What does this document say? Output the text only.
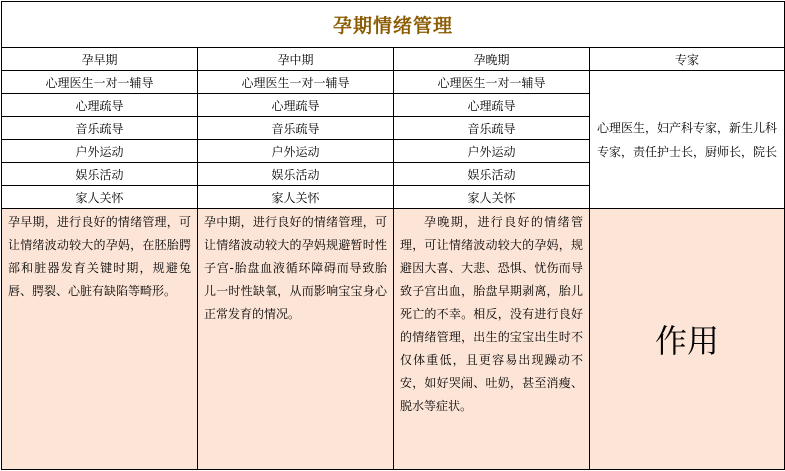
孕期情绪管理			
孕早期	孕中期	孕晚期	专家
心理医生一对一辅导	心理医生一对一辅导	心理医生一对一辅导	心理医生，妇产科专家，新生儿科专家，责任护士长，厨师长，院长
心理疏导	心理疏导	心理疏导	
音乐疏导	音乐疏导	音乐疏导	
户外运动	户外运动	户外运动	
娱乐活动	娱乐活动	娱乐活动	
家人关怀	家人关怀	家人关怀	

孕早期，进行良好的情绪管理，可让情绪波动较大的孕妈，在胚胎腭部和脏器发育关键时期，规避兔唇、腭裂、心脏有缺陷等畸形。	孕中期，进行良好的情绪管理，可让情绪波动较大的孕妈规避暂时性子宫-胎盘血液循环障碍而导致胎儿一时性缺氧，从而影响宝宝身心正常发育的情况。	孕晚期，进行良好的情绪管理，可让情绪波动较大的孕妈，规避因大喜、大悲、恐惧、忧伤而导致子宫出血，胎盘早期剥离，胎儿死亡的不幸。相反，没有进行良好的情绪管理，出生的宝宝出生时不仅体重低，且更容易出现躁动不安，如好哭闹、吐奶，甚至消瘦、脱水等症状。	作用
